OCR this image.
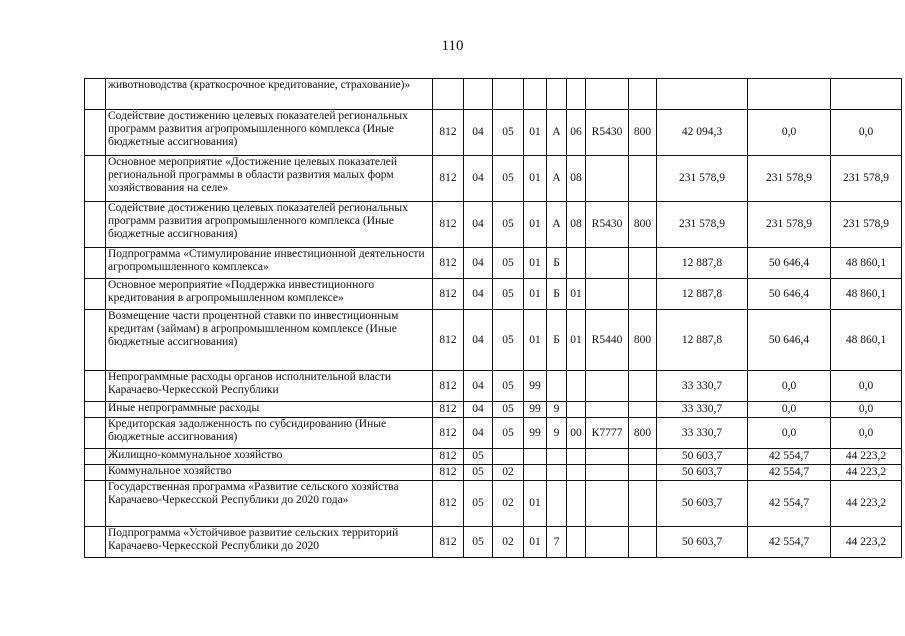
110
	животноводства (краткосрочное кредитование, страхование)»											
	Содействие достижению целевых показателей региональных программ развития агропромышленного комплекса (Иные бюджетные ассигнования)	812	04	05	01	А	06	R5430	800	42 094,3	0,0	0,0
	Основное мероприятие «Достижение целевых показателей региональной программы в области развития малых форм хозяйствования на селе»	812	04	05	01	А	08			231 578,9	231 578,9	231 578,9
	Содействие достижению целевых показателей региональных программ развития агропромышленного комплекса (Иные бюджетные ассигнования)	812	04	05	01	А	08	R5430	800	231 578,9	231 578,9	231 578,9
	Подпрограмма «Стимулирование инвестиционной деятельности агропромышленного комплекса»	812	04	05	01	Б				12 887,8	50 646,4	48 860,1
	Основное мероприятие «Поддержка инвестиционного кредитования в агропромышленном комплексе»	812	04	05	01	Б	01			12 887,8	50 646,4	48 860,1
	Возмещение части процентной ставки по инвестиционным кредитам (займам) в агропромышленном комплексе (Иные бюджетные ассигнования)	812	04	05	01	Б	01	R5440	800	12 887,8	50 646,4	48 860,1
	Непрограммные расходы органов исполнительной власти Карачаево-Черкесской Республики	812	04	05	99					33 330,7	0,0	0,0
	Иные непрограммные расходы	812	04	05	99	9				33 330,7	0,0	0,0
	Кредиторская задолженность по субсидированию (Иные бюджетные ассигнования)	812	04	05	99	9	00	К7777	800	33 330,7	0,0	0,0
	Жилищно-коммунальное хозяйство	812	05							50 603,7	42 554,7	44 223,2
	Коммунальное хозяйство	812	05	02						50 603,7	42 554,7	44 223,2
	Государственная программа «Развитие сельского хозяйства Карачаево-Черкесской Республики до 2020 года»	812	05	02	01					50 603,7	42 554,7	44 223,2
	Подпрограмма «Устойчивое развитие сельских территорий Карачаево-Черкесской Республики до 2020	812	05	02	01	7				50 603,7	42 554,7	44 223,2
